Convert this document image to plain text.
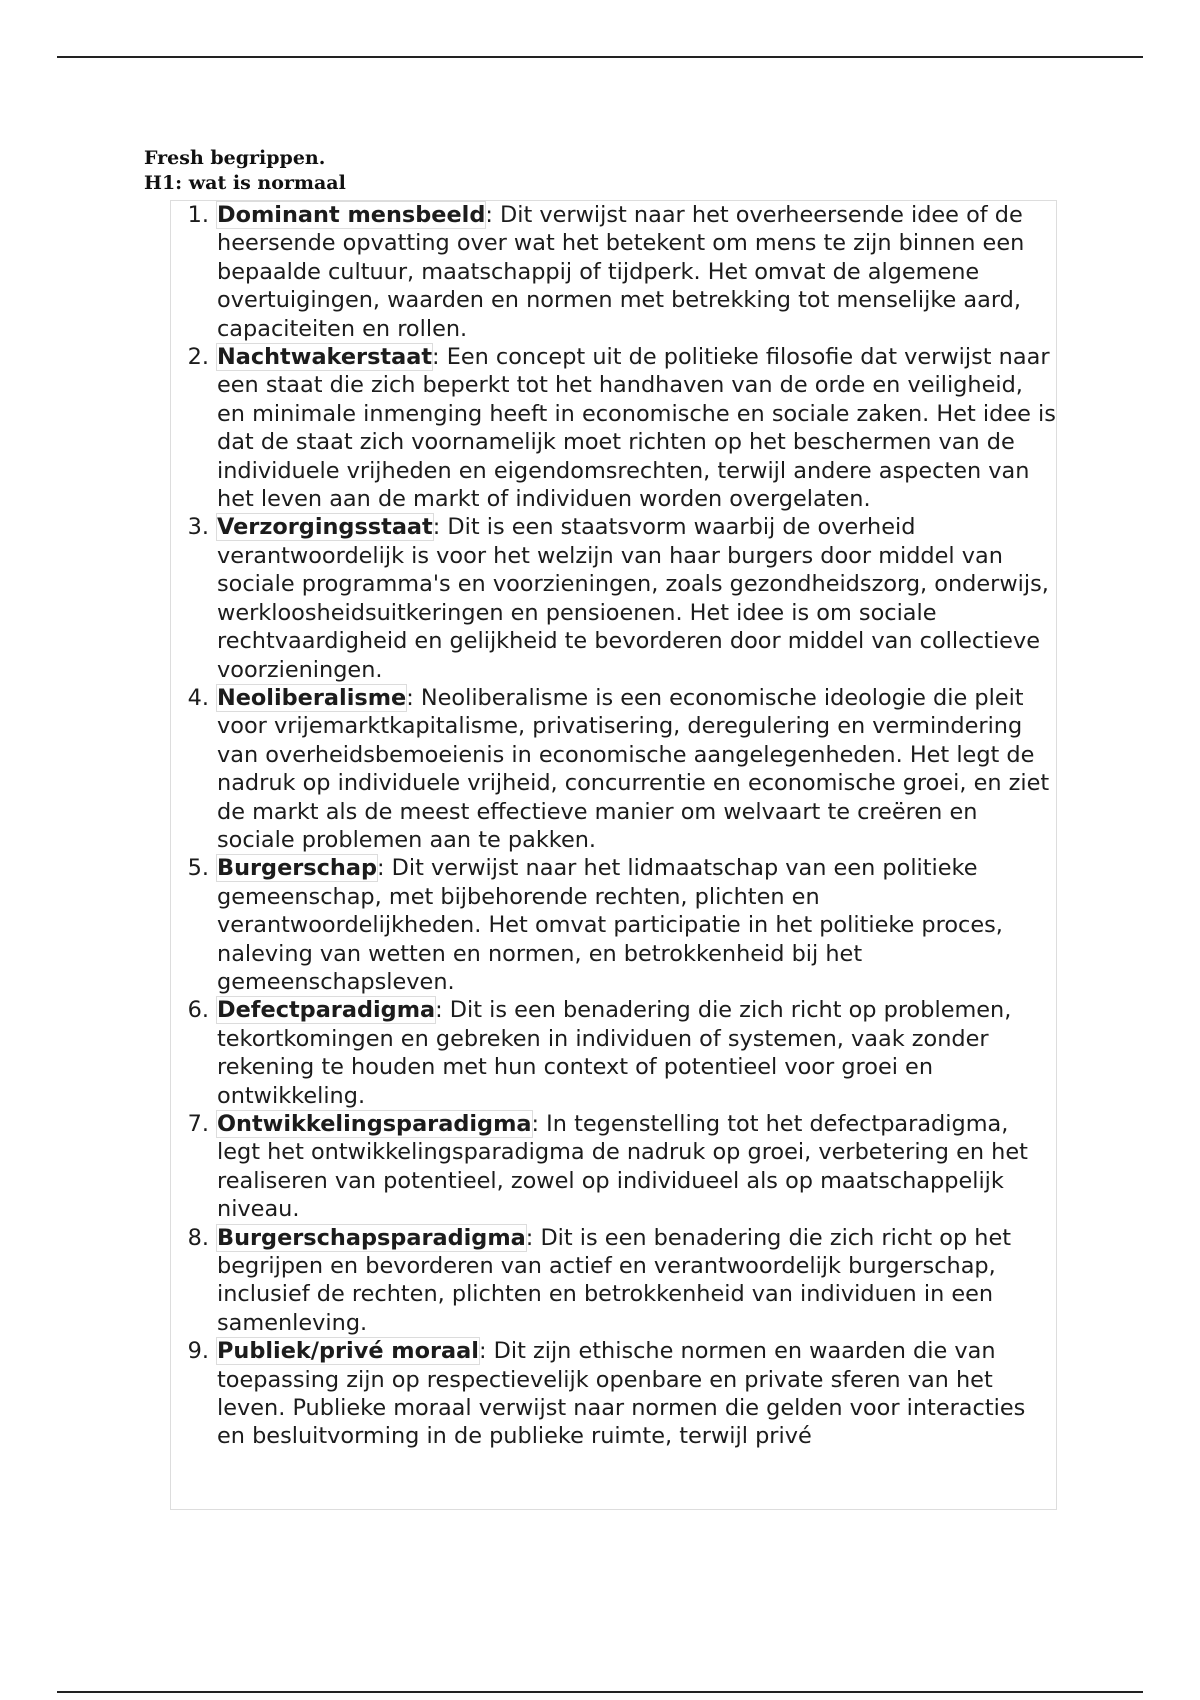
Fresh begrippen.
H1: wat is normaal
1. Dominant mensbeeld: Dit verwijst naar het overheersende idee of de heersende opvatting over wat het betekent om mens te zijn binnen een bepaalde cultuur, maatschappij of tijdperk. Het omvat de algemene overtuigingen, waarden en normen met betrekking tot menselijke aard, capaciteiten en rollen.
2. Nachtwakerstaat: Een concept uit de politieke filosofie dat verwijst naar een staat die zich beperkt tot het handhaven van de orde en veiligheid, en minimale inmenging heeft in economische en sociale zaken. Het idee is dat de staat zich voornamelijk moet richten op het beschermen van de individuele vrijheden en eigendomsrechten, terwijl andere aspecten van het leven aan de markt of individuen worden overgelaten.
3. Verzorgingsstaat: Dit is een staatsvorm waarbij de overheid verantwoordelijk is voor het welzijn van haar burgers door middel van sociale programma's en voorzieningen, zoals gezondheidszorg, onderwijs, werkloosheidsuitkeringen en pensioenen. Het idee is om sociale rechtvaardigheid en gelijkheid te bevorderen door middel van collectieve voorzieningen.
4. Neoliberalisme: Neoliberalisme is een economische ideologie die pleit voor vrijemarktkapitalisme, privatisering, deregulering en vermindering van overheidsbemoeienis in economische aangelegenheden. Het legt de nadruk op individuele vrijheid, concurrentie en economische groei, en ziet de markt als de meest effectieve manier om welvaart te creëren en sociale problemen aan te pakken.
5. Burgerschap: Dit verwijst naar het lidmaatschap van een politieke gemeenschap, met bijbehorende rechten, plichten en verantwoordelijkheden. Het omvat participatie in het politieke proces, naleving van wetten en normen, en betrokkenheid bij het gemeenschapsleven.
6. Defectparadigma: Dit is een benadering die zich richt op problemen, tekortkomingen en gebreken in individuen of systemen, vaak zonder rekening te houden met hun context of potentieel voor groei en ontwikkeling.
7. Ontwikkelingsparadigma: In tegenstelling tot het defectparadigma, legt het ontwikkelingsparadigma de nadruk op groei, verbetering en het realiseren van potentieel, zowel op individueel als op maatschappelijk niveau.
8. Burgerschapsparadigma: Dit is een benadering die zich richt op het begrijpen en bevorderen van actief en verantwoordelijk burgerschap, inclusief de rechten, plichten en betrokkenheid van individuen in een samenleving.
9. Publiek/privé moraal: Dit zijn ethische normen en waarden die van toepassing zijn op respectievelijk openbare en private sferen van het leven. Publieke moraal verwijst naar normen die gelden voor interacties en besluitvorming in de publieke ruimte, terwijl privé
